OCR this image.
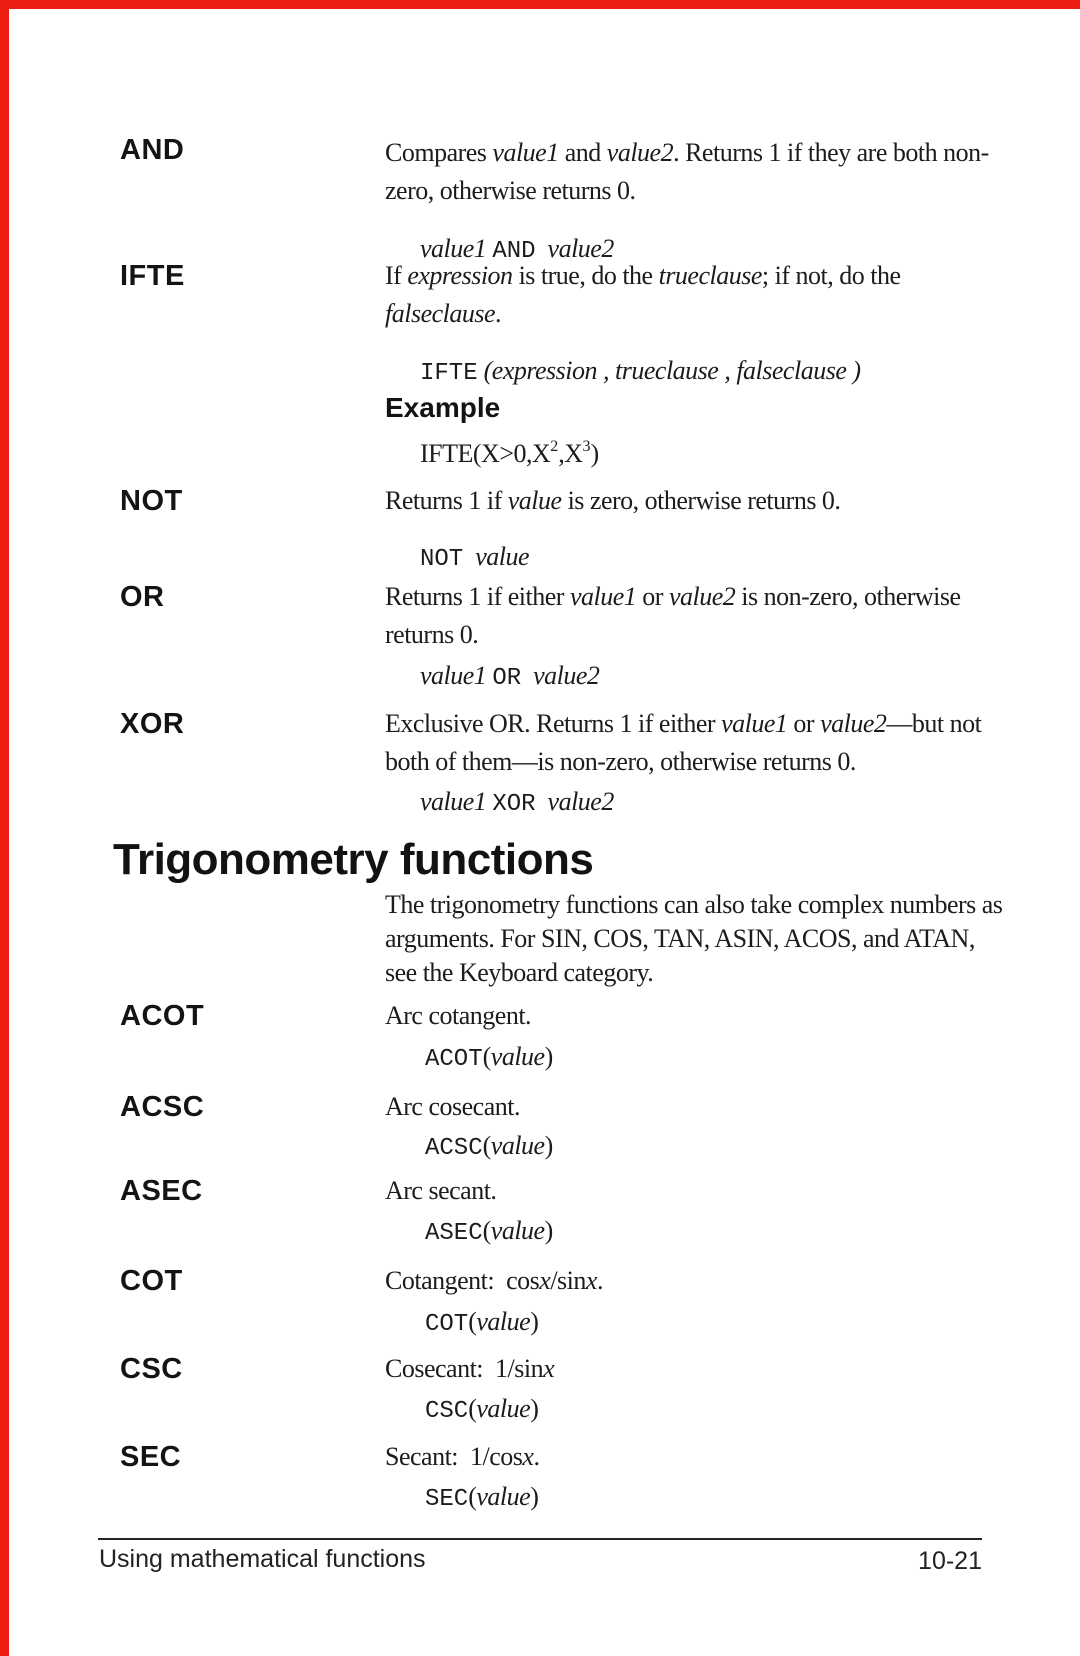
AND	Compares value1 and value2. Returns 1 if they are both non-
zero, otherwise returns 0.
value1 AND  value2
IFTE	If expression is true, do the trueclause; if not, do the
falseclause.
IFTE (expression , trueclause , falseclause )
Example
$IFTE(X>0,X^2,X^3)$
NOT	Returns 1 if value is zero, otherwise returns 0.
NOT  value
OR	Returns 1 if either value1 or value2 is non-zero, otherwise
returns 0.
value1 OR  value2
XOR	Exclusive OR. Returns 1 if either value1 or value2—but not
both of them—is non-zero, otherwise returns 0.
value1 XOR  value2
Trigonometry functions
The trigonometry functions can also take complex numbers as
arguments. For SIN, COS, TAN, ASIN, ACOS, and ATAN,
see the Keyboard category.
ACOT	Arc cotangent.
ACOT(value)
ACSC	Arc cosecant.
ACSC(value)
ASEC	Arc secant.
ASEC(value)
COT	Cotangent:  cosx/sinx.
COT(value)
CSC	Cosecant:  1/sinx
CSC(value)
SEC	Secant:  1/cosx.
SEC(value)
Using mathematical functions	10-21
